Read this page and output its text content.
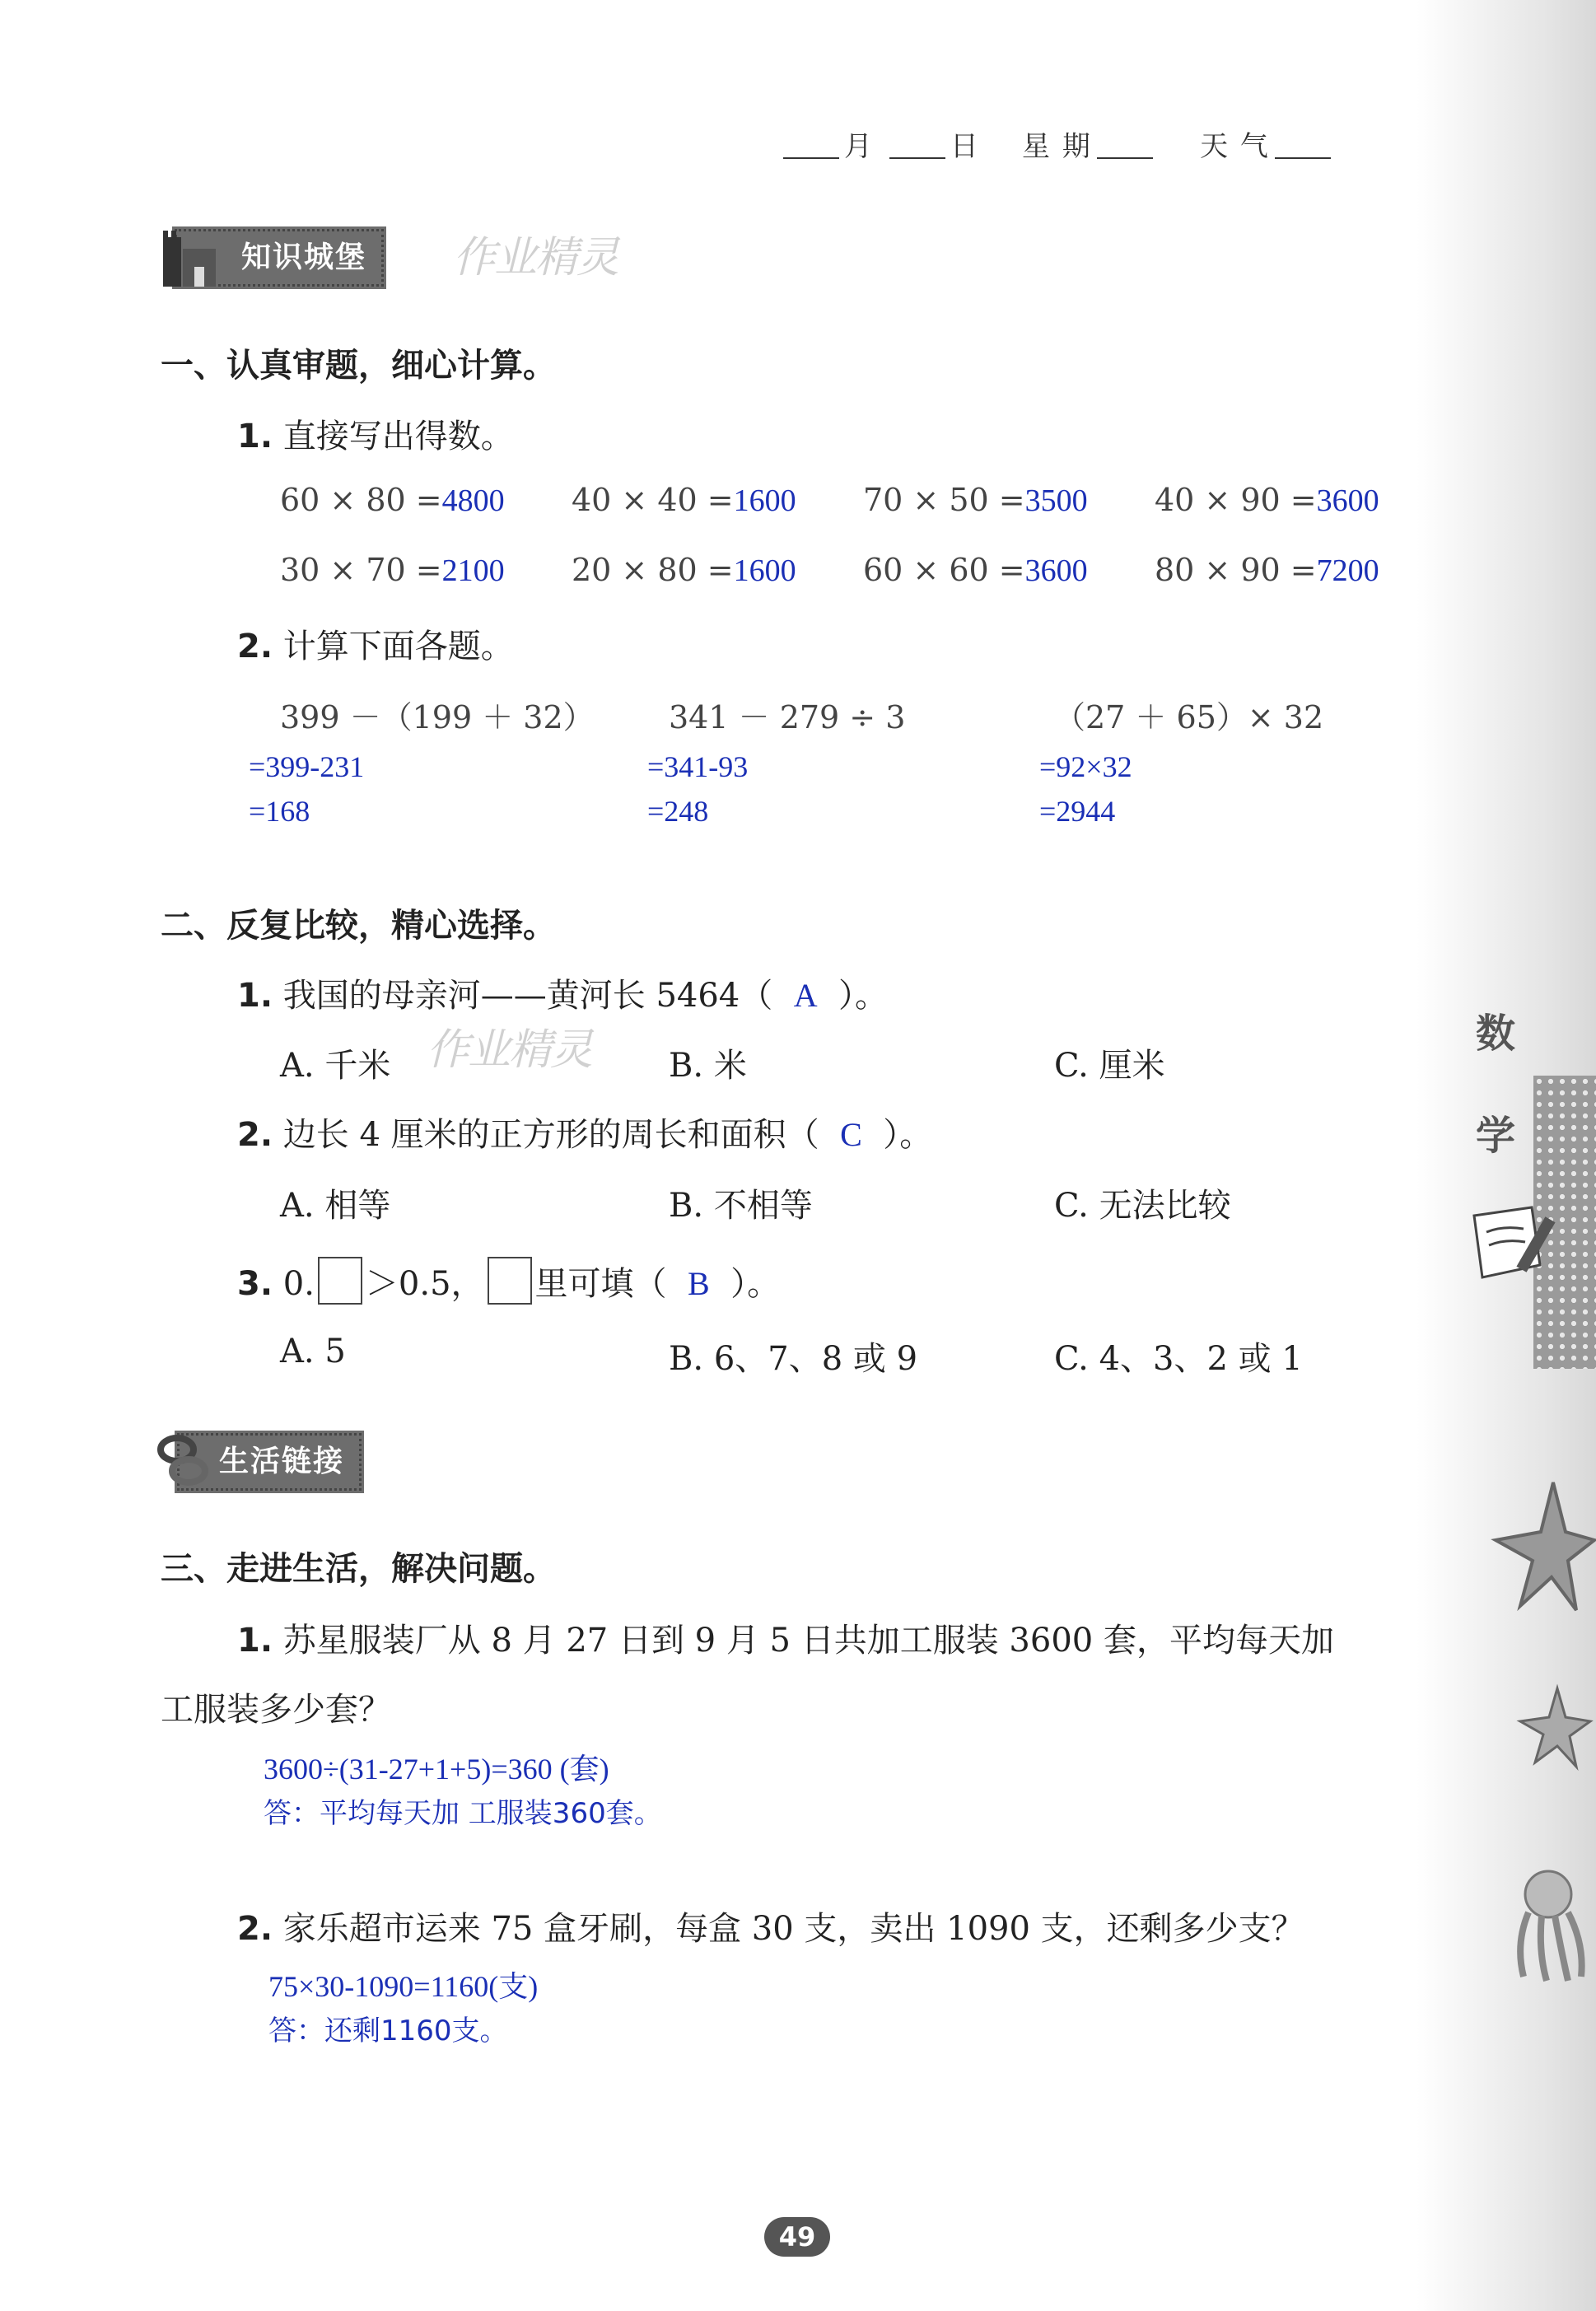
月	日 星 期	天 气
知识城堡	作业精灵
一、认真审题，细心计算。
1. 直接写出得数。
60 × 80 =4800 40 × 40 =1600 70 × 50 =3500 40 × 90 =3600
30 × 70 =2100 20 × 80 =1600 60 × 60 =3600 80 × 90 =7200
2. 计算下面各题。
399 －（199 ＋ 32）
=399-231
=168
341 － 279 ÷ 3
=341-93
=248
（27 ＋ 65）× 32
=92×32
=2944
二、反复比较，精心选择。
1. 我国的母亲河——黄河长 5464（ A ）。
作业精灵
A. 千米	B. 米	C. 厘米
2. 边长 4 厘米的正方形的周长和面积（ C ）。
A. 相等	B. 不相等	C. 无法比较
3. 0. ＞0.5， 里可填（ B ）。
A. 5	B. 6、7、8 或 9	C. 4、3、2 或 1
生活链接
三、走进生活，解决问题。
1. 苏星服装厂从 8 月 27 日到 9 月 5 日共加工服装 3600 套，平均每天加
工服装多少套？
3600÷(31-27+1+5)=360 (套)
答：平均每天加 工服装360套。
2. 家乐超市运来 75 盒牙刷，每盒 30 支，卖出 1090 支，还剩多少支？
75×30-1090=1160(支)
答：还剩1160支。
数
学
49
